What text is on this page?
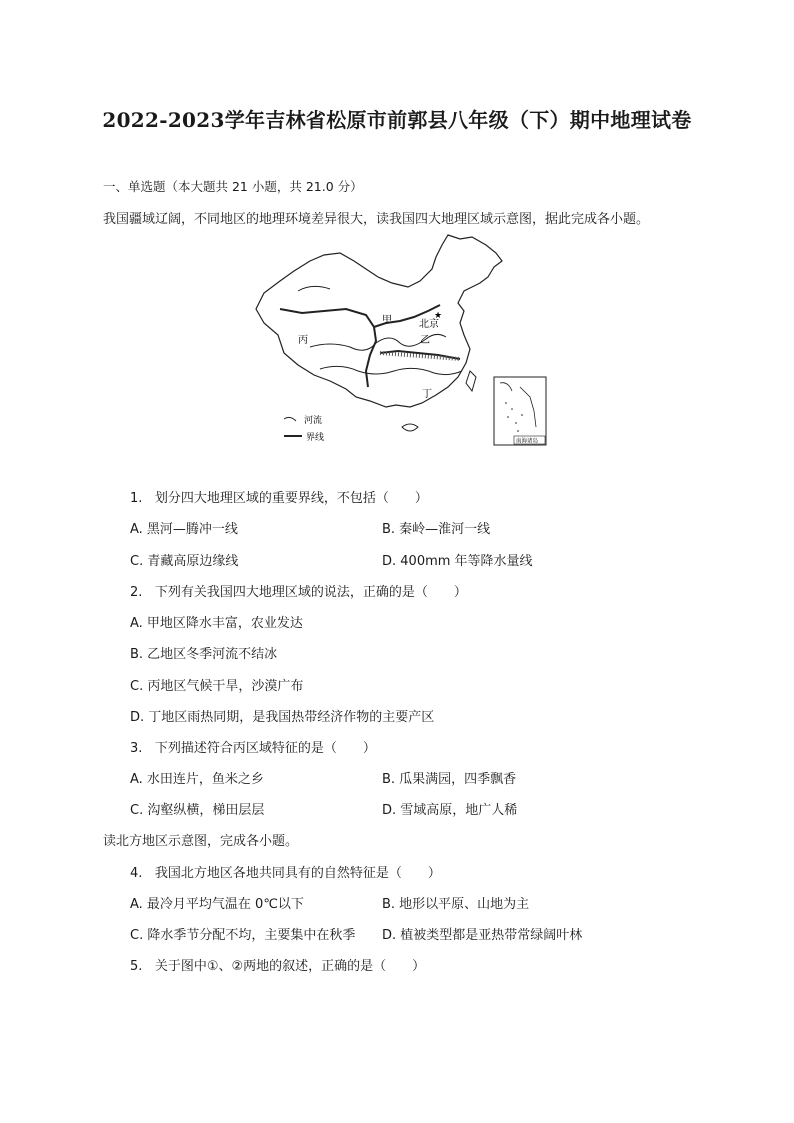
2022-2023学年吉林省松原市前郭县八年级（下）期中地理试卷
一、单选题（本大题共 21 小题，共 21.0 分）
我国疆域辽阔，不同地区的地理环境差异很大，读我国四大地理区域示意图，据此完成各小题。
甲
乙
丙
丁
北京
★
河流
界线	南海诸岛
1. 划分四大地理区域的重要界线，不包括（　　）
A. 黑河—腾冲一线	B. 秦岭—淮河一线
C. 青藏高原边缘线	D. 400mm 年等降水量线
2. 下列有关我国四大地理区域的说法，正确的是（　　）
A. 甲地区降水丰富，农业发达
B. 乙地区冬季河流不结冰
C. 丙地区气候干旱，沙漠广布
D. 丁地区雨热同期，是我国热带经济作物的主要产区
3. 下列描述符合丙区域特征的是（　　）
A. 水田连片，鱼米之乡	B. 瓜果满园，四季飘香
C. 沟壑纵横，梯田层层	D. 雪域高原，地广人稀
读北方地区示意图，完成各小题。
4. 我国北方地区各地共同具有的自然特征是（　　）
A. 最冷月平均气温在 0℃以下	B. 地形以平原、山地为主
C. 降水季节分配不均，主要集中在秋季 D. 植被类型都是亚热带常绿阔叶林
5. 关于图中①、②两地的叙述，正确的是（　　）
